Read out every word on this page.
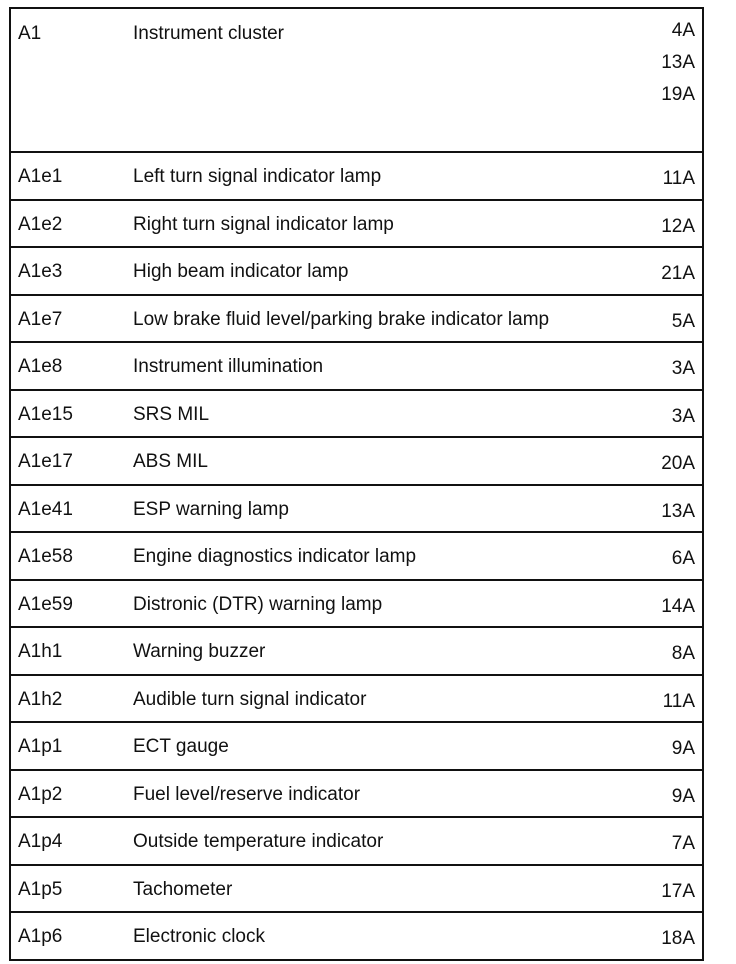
A1	Instrument cluster	4A
13A
19A
A1e1	Left turn signal indicator lamp	11A
A1e2	Right turn signal indicator lamp	12A
A1e3	High beam indicator lamp	21A
A1e7	Low brake fluid level/parking brake indicator lamp	5A
A1e8	Instrument illumination	3A
A1e15	SRS MIL	3A
A1e17	ABS MIL	20A
A1e41	ESP warning lamp	13A
A1e58	Engine diagnostics indicator lamp	6A
A1e59	Distronic (DTR) warning lamp	14A
A1h1	Warning buzzer	8A
A1h2	Audible turn signal indicator	11A
A1p1	ECT gauge	9A
A1p2	Fuel level/reserve indicator	9A
A1p4	Outside temperature indicator	7A
A1p5	Tachometer	17A
A1p6	Electronic clock	18A
